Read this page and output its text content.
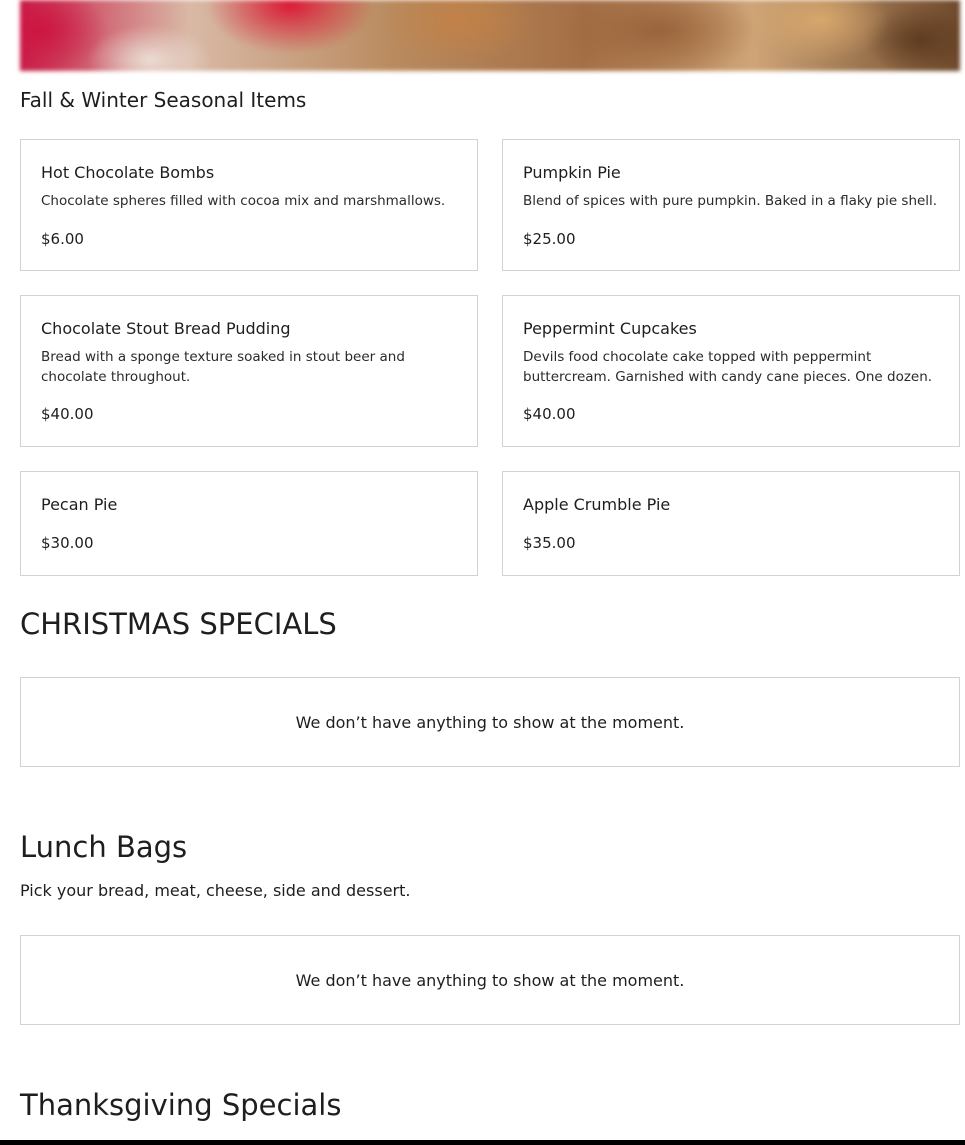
Fall & Winter Seasonal Items
Hot Chocolate Bombs
Chocolate spheres filled with cocoa mix and marshmallows.
$6.00
Pumpkin Pie
Blend of spices with pure pumpkin. Baked in a flaky pie shell.
$25.00
Chocolate Stout Bread Pudding
Bread with a sponge texture soaked in stout beer and chocolate throughout.
$40.00
Peppermint Cupcakes
Devils food chocolate cake topped with peppermint buttercream. Garnished with candy cane pieces. One dozen.
$40.00
Pecan Pie
$30.00
Apple Crumble Pie
$35.00
CHRISTMAS SPECIALS
We don’t have anything to show at the moment.
Lunch Bags

Pick your bread, meat, cheese, side and dessert.

We don’t have anything to show at the moment.
Thanksgiving Specials
